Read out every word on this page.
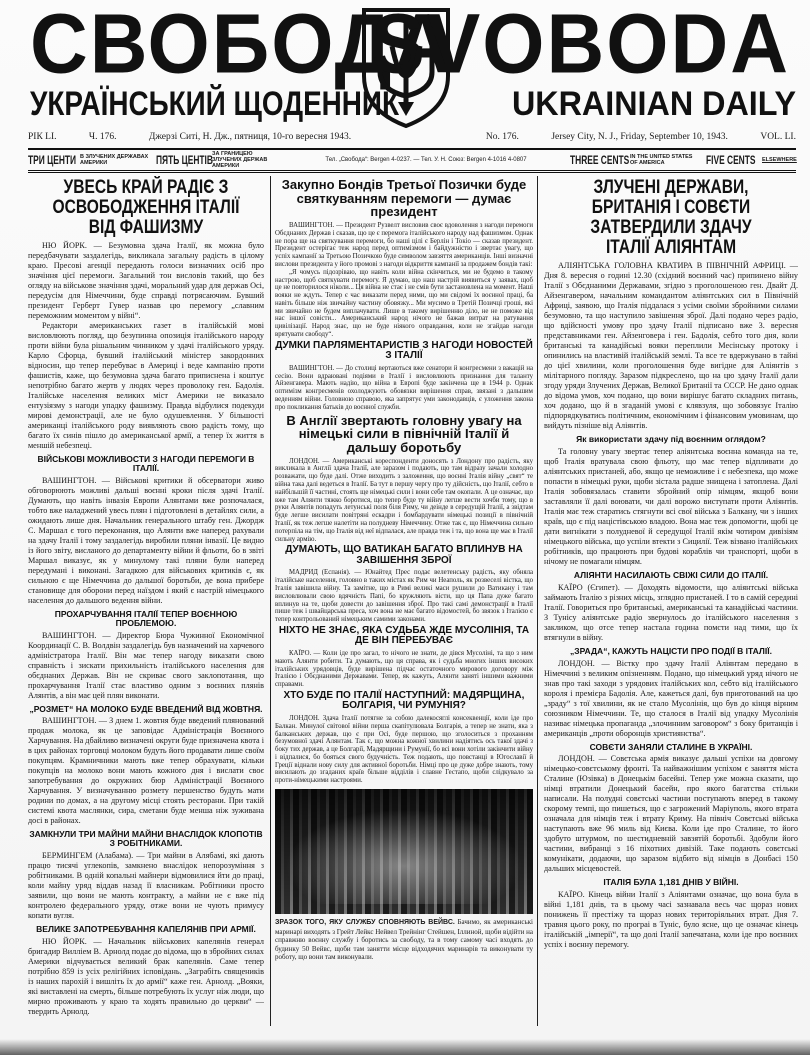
СВОБОДА
SVOBODA
УКРАЇНСЬКИЙ ЩОДЕННИК	UKRAINIAN DAILY
РІК LI.	Ч. 176.	Джерзі Ситі, Н. Дж., пятниця, 10-го вересня 1943.	No. 176.	Jersey City, N. J., Friday, September 10, 1943.	VOL. LI.
ТРИ ЦЕНТИ В ЗЛУЧЕНИХ ДЕРЖАВАХ АМЕРИКИ	ПЯТЬ ЦЕНТІВ ЗА ГРАНИЦЕЮ ЗЛУЧЕНИХ ДЕРЖАВ АМЕРИКИ
Тел. „Свобода“: Bergen 4-0237. — Тел. У. Н. Союз: Bergen 4-1016 4-0807	THREE CENTS IN THE UNITED STATES OF AMERICA	FIVE CENTS ELSEWHERE
УВЕСЬ КРАЙ РАДІЄ З ОСВОБОДЖЕННЯ ІТАЛІЇ ВІД ФАШИЗМУ

НЮ ЙОРК. — Безумовна здача Італії, як можна було передбачувати заздалегідь, викликала загальну радість в цілому краю. Пресові агенції передають голоси визначних осіб про значіння цієї перемоги. Загальний тон висловів такий, що без огляду на військове значіння здачі, моральний удар для держав Осі, передусім для Німеччини, буде справді потрясаючим. Бувший президент Герберт Гувер назвав цю перемогу „славним переможним моментом у війні“.

Редактори американських газет в італійській мові висловлюють погляд, що безупинна опозиція італійського народу проти війни була рішальним чинником у здачі італійського уряду. Карло Сфорца, бувший італійський міністер закордонних відносин, що тепер перебуває в Америці і веде кампанію проти фашистів, каже, що безумовна здача багато приписнена і коштує непотрібно багато жертв у людях через проволоку ген. Бадолія. Італійське населення великих міст Америки не виказало ентузіязму з нагоди упадку фашизму. Правда відбулися подекуди мирові демонстрації, але не було одушевлення. У більшості американці італійського роду виявляють свою радість тому, що багато їх синів пішло до американської армії, а тепер їх життя в меншій небезпеці.

ВІЙСЬКОВІ МОЖЛИВОСТИ З НАГОДИ ПЕРЕМОГИ В ІТАЛІЇ.

ВАШИНГТОН. — Військові критики й обсерватори живо обговорюють можливі дальші воєнні кроки після здачі Італії. Думають, що навіть інвазія Европи Алянтами вже розпочалася, тобто вже наладжений увесь плян і підготовлені в детайлях сили, а ожидають лише дня. Начальник генерального штабу ген. Джордж С. Маршал є того переконання, що Алянти вже наперед рахували на здачу Італії і тому заздалегідь виробили пляни інвазії. Це видно із його звіту, висланого до департаменту війни й фльоти, бо в звіті Маршал виказує, як у минулому такі пляни були наперед передумані і виконані. Загадкою для військових критиків є, як сильною є ще Німеччина до дальшої боротьби, де вона прибере становище для оборони перед наїздом і який є настрій німецького населення до дальшого ведення війни.

ПРОХАРЧУВАННЯ ІТАЛІЇ ТЕПЕР ВОЄННОЮ ПРОБЛЕМОЮ.

ВАШИНГТОН. — Директор Бюра Чужинної Економічної Координації С. В. Волдвін заздалегідь був назначений на харчевого адміністратора Італії. Він має тепер нагоду виказати свою справність і зискати прихильність італійського населення для обєднаних Держав. Він не скриває свого заклопотання, що прохарчування Італії стає властиво одним з воєнних плянів Алянтів, а він має цей плян виконати.

„РОЗМЕТ“ НА МОЛОКО БУДЕ ВВЕДЕНИЙ ВІД ЖОВТНЯ.

ВАШИНГТОН. — З днем 1. жовтня буде введений плянований продаж молока, як це заповідає Адміністрація Воєнного Харчування. На дбайливо визначені округи буде призначена квота і в цих районах торговці молоком будуть його продавати лише своїм покупцям. Крамничники мають вже тепер обрахувати, кільки покупців на молоко вони мають кожного дня і вислати своє запотребування до окружних бюр Адміністрації Воєнного Харчування. У визначуванню розмету першенство будуть мати родини по домах, а на другому місці стоять ресторани. При такій системі квота маслянки, сира, сметани буде менша ніж зуживана досі в районах.

ЗАМКНУЛИ ТРИ МАЙНИ МАЙНИ ВНАСЛІДОК КЛОПОТІВ З РОБІТНИКАМИ.

БЕРМИНГЕМ (Алабама). — Три майни в Алябамі, які дають працю тисячі углекопів, замкнено внаслідок непорозуміння з робітниками. В одній копальні майнери відмовилися йти до праці, коли майну уряд віддав назад її власникам. Робітники просто заявили, що вони не мають контракту, а майни не є вже під контролею федерального уряду, отже вони не чують примусу копати вугля.

ВЕЛИКЕ ЗАПОТРЕБУВАННЯ КАПЕЛЯНІВ ПРИ АРМІЇ.

НЮ ЙОРК. — Начальник військових капелянів генерал бригадир Вилліем В. Арнолд подає до відома, що в збройних силах Америки відчувається великий брак капелянів. Саме тепер потрібно 859 із усіх релігійних ісповідань. „Заграбіть священиків із наших парохій і вишліть їх до армії“ каже ген. Арнолд. „Вояки, які виставлені на смерть, більше потребують їх услуг ніж люди, що мирно проживають у краю та ходять правильно до церкви“ — твердить Арнолд.

Закупно Бондів Третьої Позички буде святкуванням перемоги — думає президент

ВАШИНГТОН. — Президент Рузвелт висловив своє вдоволення з нагоди перемоги Обєднаних Держав і сказав, що це є перемога італійського народу над фашизмом. Однак не пора ще на святкування перемоги, бо наші цілі є Берлін і Токіо — сказав президент. Президент остерігає теж народ перед оптимізмом і байдужністю і звертає увагу, що успіх кампанії за Третьою Позичкою буде символом завзяття американців. Інші визначні вислови президента у його промові з нагоди відкриття кампанії за продажем бондів такі:

„Я чомусь підозріваю, що навіть коли війна скінчиться, ми не будемо в такому настрою, щоб святкувати перемогу. Я думаю, що наш настрій виявиться у заявах, щоб це не повторилося ніколи... Ця війна не стає і не смів бути застановлена на момент. Наші вояки не ждуть. Тепер є час виказати перед ними, що ми свідомі їх воєнної праці, ба навіть більше ніж звичайну частину обовязку... Ми мусимо в Третій Позичці гроші, які ми звичайно не будем виплачувати. Лише в такому вирішенню діло, не не поможе від нас іншої совісти... Американський народ нічого не бажав витрат на ратування цивілізації. Народ знає, що не буде ніякого оправдання, коли не згайдав нагоди врятувати свободу“.

ДУМКИ ПАРЛЯМЕНТАРИСТІВ З НАГОДИ НОВОСТЕЙ З ІТАЛІЇ

ВАШИНГТОН. — До столиці вертаються вже сенатори й конгресмени з вакацій на сесію. Вони вдраювані подіями в Італії і висловлюють признання для таланту Айзенгавера. Мають надію, що війна в Европі буде закінчена ще в 1944 р. Однак оптимізм конгресменів охолоджують обовязки вирішення справ, звязані з дальшим веденням війни. Головною справою, яка запрятує уми законодавців, є уложення закона про покликання батьків до воєнної служби.

В Англії звертають головну увагу на німецькі сили в північній Італії й дальшу боротьбу

ЛОНДОН. — Американські кореспонденти доносять з Лондону про радість, яку викликала в Англії здача Італії, але заразом і подають, що там відразу зачали холодно розважати, що буде далі. Отже виходить з заложення, що воєнні Італія війну „свят“ те війна така далі ведеться в Італії. Ба тут в першу чергу про ту дійсність, що Італії, себто в найбільшій її частині, стоять ще німецькі сили і вони себе там окопали. А це означає, що вже там Алянти тяжко боротися, що тепер буде ту війну легше вести хочби тому, що в руки Алянтів попадуть летунські поля біля Риму, чи деінде в середущій Італії, а звідтам буде легше висилати повітряні ескадри і бомбардувати німецькі позиції в північній Італії, як теж легше налетіти на полудневу Німеччину. Отже так є, що Німеччина сильно потерпіла на тім, що Італія від неї відпалася, але правда теж і та, що вона ще має в Італії сильну армію.

ДУМАЮТЬ, ЩО ВАТИКАН БАГАТО ВПЛИНУВ НА ЗАВІШЕННЯ ЗБРОЇ

МАДРИД (Еспанія). — Юнайтед Прес подає велетенську радість, яку обняла італійське населення, головно в таких містах як Рим чи Неаполь, як розвеселі вістка, що Італія завішила війну. Та замітне, що в Римі великі маси рушили до Ватикану і там висловлювали свою вдячність Папі, бо кружляють вісти, що ця Папа дуже багато вплинув на те, щоби довести до завішення зброї. Про такі самі демонстрації в Італії пише теж і швайцарська преса, хоч вона не має багато відомостей, бо звязок з Італією є тепер контрольований німецьким самими законами.

НІХТО НЕ ЗНАЄ, ЯКА СУДЬБА ЖДЕ МУСОЛІНІЯ, ТА ДЕ ВІН ПЕРЕБУВАЄ

КАЇРО. — Коли іде про загал, то нічого не знати, де дівся Мусоліні, та що з ним мають Алянти робити. Та думають, що ця справа, як і судьба многих інших високих італійських урядовців, буде вирішена підчас остаточного мирового договору між Італією і Обєднаними Державами. Тепер, як кажуть, Алянти заняті іншими важними справами.

ХТО БУДЕ ПО ІТАЛІЇ НАСТУПНИЙ: МАДЯРЩИНА, БОЛГАРІЯ, ЧИ РУМУНІЯ?

ЛОНДОН. Здача Італії потягне за собою далекосяглі консеквенції, коли іде про Балкан. Минулої світової війни перша скапітулювала Болгарія, а тепер не знати, яка з балканських держав, що є при Осі, буде першою, що зголоситься з проханням безумовної здачі Алянтам. Так є, що можна кожної хвилини надіятись ось такої здачі з боку тих держав, а це Болгарії, Мадярщини і Румунії, бо всі вони хотіли закінчити війну і відпалися, бо бояться свого будучність. Теж подають, що повстанці в Югославії й Греції віднали нову силу для активної боротьби. Німці про це дуже добре знають, тому висилають до згаданих країв більше відділів і славне Гестапо, щоби слідкувало за проти-німецькими настроями.

ЗРАЗОК ТОГО, ЯКУ СЛУЖБУ СПОВНЯЮТЬ ВЕЙВС. Бачимо, як американські маринарі виходять з Грейт Лейкс Нейвел Трейнінг Стейшен, Іллиной, щоби відійти на справжню воєнну службу і боротись за свободу, та в тому самому часі входять до будинку 50 Вейвс, щоби там занятти місце відходячих маринарів та виконувати ту роботу, що вони там виконували.
ЗЛУЧЕНІ ДЕРЖАВИ, БРИТАНІЯ І СОВЄТИ ЗАТВЕРДИЛИ ЗДАЧУ ІТАЛІЇ АЛІЯНТАМ

АЛІЯНТСЬКА ГОЛОВНА КВАТИРА В ПІВНІЧНІЙ АФРИЦІ. — Дня 8. вересня о годині 12.30 (східний воєнний час) припинено війну Італії з Обєднаними Державами, згідно з проголошеною ген. Двайт Д. Айзенгавером, начальним командантом аліянтських сил в Північній Африці, заявою, що Італія піддалася з усіми своїми збройними силами безумовно, та що наступило завішення зброї. Далі подано через радіо, що вдійсності умову про здачу Італії підписано вже 3. вересня представниками ген. Айзенговера і ген. Бадолія, себто того дня, коли британські та канадійські вояки переплили Месінську протоку і опинились на властивій італійській землі. Та все те вдержувано в тайні до цієї хвилини, коли проголошення буде вигідне для Аліянтів з мілітарного погляду. Заразом підкреслено, що на цю здачу Італії дали згоду уряди Злучених Держав, Великої Британії та СССР. Не дано однак до відома умов, хоч подано, що вони вирішує багато складних питань, хоч додано, що й в згаданій умові є клявзуля, що зобовязує Італію підпорядкуватись політичним, економічним і фінансовим умовинам, що вийдуть пізніше від Аліянтів.

Як використати здачу під воєнним оглядом?

Та головну увагу звертає тепер аліянтська воєнна команда на те, щоб Італія вратувала свою фльоту, що має тепер відпливати до аліянтських пристаней, або, якщо це неможливе і є небезпека, що може попасти в німецькі руки, щоби зістала радше знищена і затоплена. Далі Італія зобовязалась ставити збройний опір німцям, якщоб вони заставляли її далі воювати, чи далі ворожо виступати проти Аліянтів. Італія має теж старатись стягнути всі свої війська з Балкану, чи з інших країв, що є під націстівською владою. Вона має теж допомогти, щобі це дати вигнікати з полудневої й середущої Італії якім чотиром дивізіям німецького війська, що успіли втекти з Сицилії. Теж візвано італійських робітників, що працюють при будові кораблів чи транспорті, щоби в нічому не помагали німцям.

АЛІЯНТИ НАСИЛАЮТЬ СВІЖІ СИЛИ ДО ІТАЛІЇ.

КАЇРО (Єгипет). — Доходять відомости, що аліянтські війська займають Італію з різних місць, зглядно пристаней. І то в самій середині Італії. Говориться про британські, американські та канадійські частини. З Тунісу аліянтське радіо звернулось до італійського населення з закликом, що отсе тепер настала година помсти над тими, що їх втягнули в війну.

„ЗРАДА“, КАЖУТЬ НАЦІСТИ ПРО ПОДІЇ В ІТАЛІЇ.

ЛОНДОН. — Вістку про здачу Італії Аліянтам передано в Німеччині з великим опізненням. Подано, що німецький уряд нічого не знав про такі заходи з урядових італійських кол, себто від італійського короля і премієра Бадолія. Але, кажеться далі, був приготований на цю „зраду“ з тої хвилини, як не стало Мусолінія, що був до кінця вірним союзником Німеччини. Те, що сталося в Італії від упадку Мусолінія називає німецька пропаганда „злочинним заговором“ з боку британців і американців „проти оборонців християнства“.

СОВЄТИ ЗАНЯЛИ СТАЛИНЕ В УКРАЇНІ.

ЛОНДОН. — Совєтська армія виказує дальші успіхи на довгому німецько-совєтському фронті. Та найважнішим успіхом є заняття міста Сталине (Юзівка) в Донецькім басейні. Тепер уже можна сказати, що німці втратили Донецький басейн, про якого багатства стільки написали. На полудні совєтські частини поступають вперед в такому скорому темпі, що пишеться, що є загрожений Маріуполь, якого втрата означала для німців теж і втрату Криму. На північ Совєтські війська наступають вже 96 миль від Києва. Коли іде про Сталине, то його здобуто штурмом, по шестидневній завзятій боротьбі. Здобули його частини, вибранці з 16 піхотних дивізій. Таке подають совєтські комунікати, додаючи, що заразом відбито від німців в Донбасі 150 дальших місцевостей.

ІТАЛІЯ БУЛА 1,181 ДНІВ У ВІЙНІ.

КАЇРО. Кінець війни Італії з Аліянтами означає, що вона була в війні 1,181 днів, та в цьому часі зазнавала весь час щораз нових понижень її престіжу та щораз нових територіяльних втрат. Дня 7. травня цього року, по програі в Туніс, було ясне, що це означає кінець італійській „імперії“, та що долі Італії запечатана, коли іде про воєнних успіх і воєнну перемогу.
